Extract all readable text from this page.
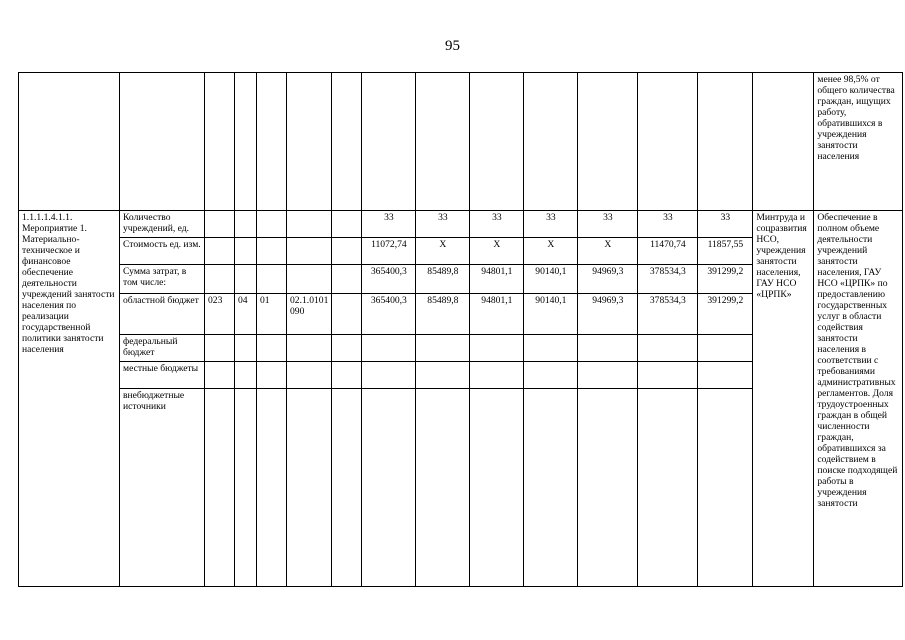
95
															менее 98,5% от общего количества граждан, ищущих работу, обратившихся в учреждения занятости населения
1.1.1.1.4.1.1. Мероприятие 1. Материально-техническое и финансовое обеспечение деятельности учреждений занятости населения по реализации государственной политики занятости населения	Количество учреждений, ед.						33	33	33	33	33	33	33	Минтруда и соцразвития НСО, учреждения занятости населения, ГАУ НСО «ЦРПК»	Обеспечение в полном объеме деятельности учреждений занятости населения, ГАУ НСО «ЦРПК» по предоставлению государственных услуг в области содействия занятости населения в соответствии с требованиями административных регламентов. Доля трудоустроенных граждан в общей численности граждан, обратившихся за содействием в поиске подходящей работы в учреждения занятости
	Стоимость ед. изм.						11072,74	X	X	X	X	11470,74	11857,55		
	Сумма затрат, в том числе:						365400,3	85489,8	94801,1	90140,1	94969,3	378534,3	391299,2		
	областной бюджет	023	04	01	02.1.0101 090		365400,3	85489,8	94801,1	90140,1	94969,3	378534,3	391299,2		
	федеральный бюджет														
	местные бюджеты														
	внебюджетные источники														
